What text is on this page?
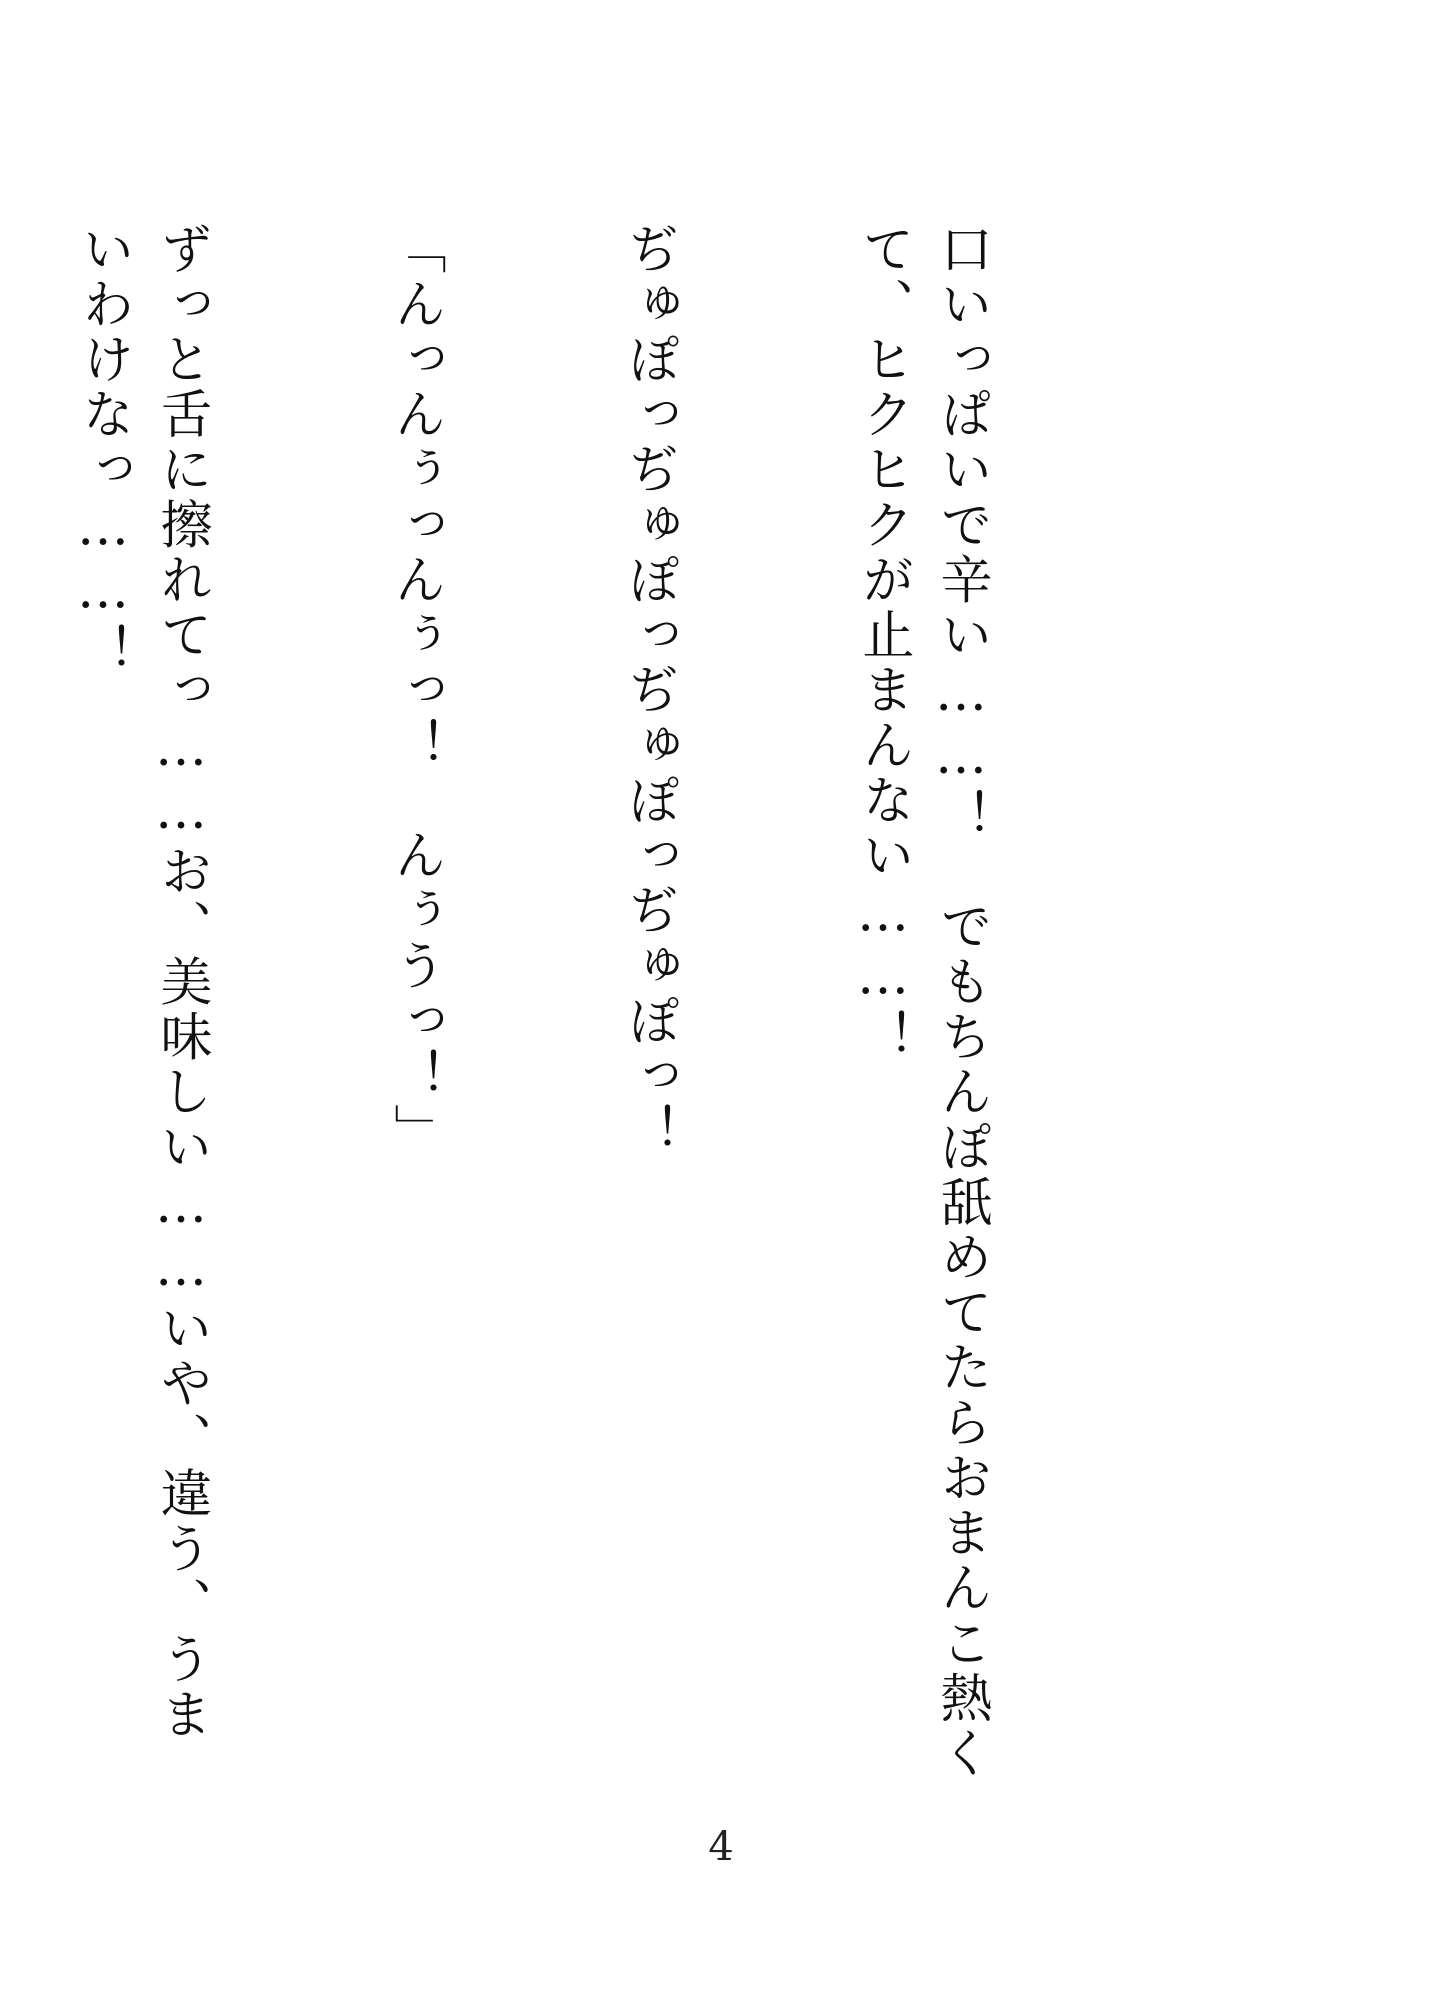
口いっぱいで辛い……！　でもちんぽ舐めてたらおまんこ熱くて、ヒクヒクが止まんない……！

ぢゅぽっぢゅぽっぢゅぽっぢゅぽっ！

「んっんぅっんぅっ！　んぅうっ！」

ずっと舌に擦れてっ……お、美味しい……いや、違う、うまいわけなっ……！

4
